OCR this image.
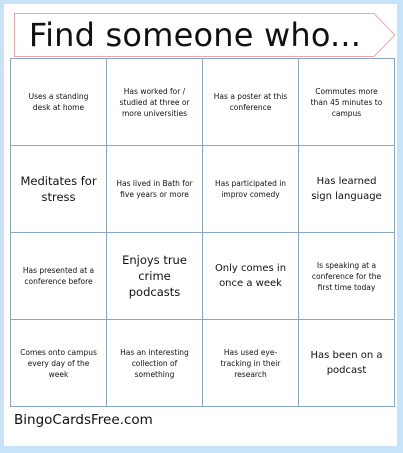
Find someone who...
Uses a standing desk at home
Has worked for / studied at three or more universities
Has a poster at this conference
Commutes more than 45 minutes to campus
Meditates for stress
Has lived in Bath for five years or more
Has participated in improv comedy
Has learned sign language
Has presented at a conference before
Enjoys true crime podcasts
Only comes in once a week
Is speaking at a conference for the first time today
Comes onto campus every day of the week
Has an interesting collection of something
Has used eye-tracking in their research
Has been on a podcast
BingoCardsFree.com
